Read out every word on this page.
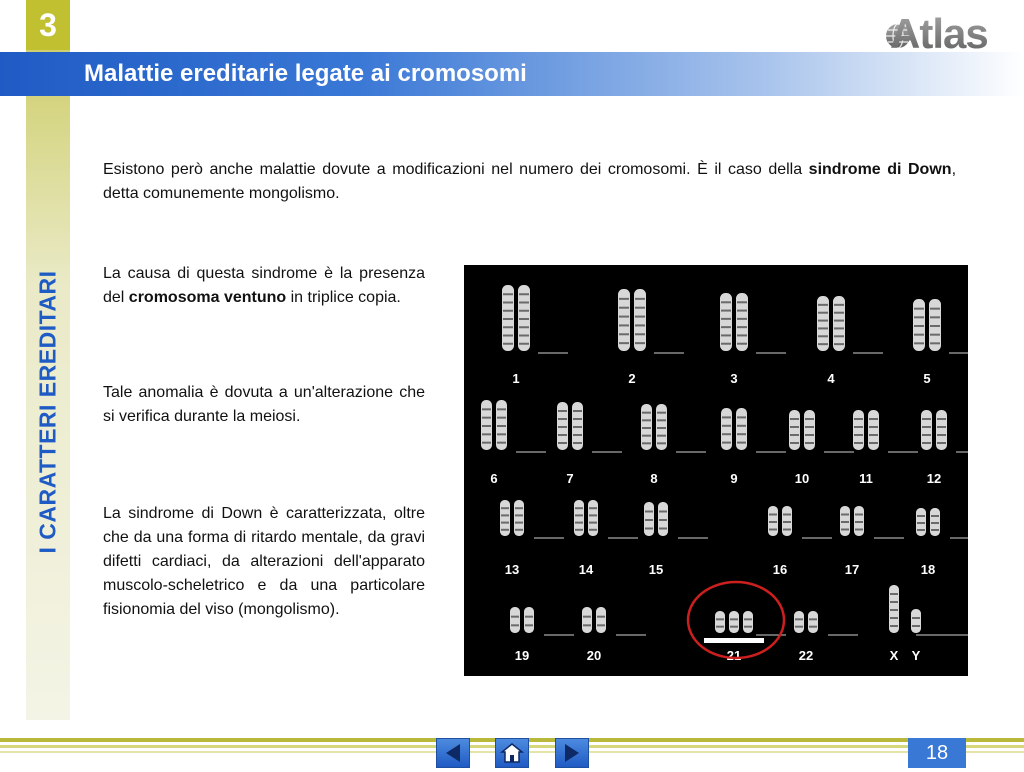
3
Malattie ereditarie legate ai cromosomi
Atlas
I CARATTERI EREDITARI
Esistono però anche malattie dovute a modificazioni nel numero dei cromosomi. È il caso della sindrome di Down, detta comunemente mongolismo.
La causa di questa sindrome è la presenza del cromosoma ventuno in triplice copia.
Tale anomalia è dovuta a un'alterazione che si verifica durante la meiosi.
La sindrome di Down è caratterizzata, oltre che da una forma di ritardo mentale, da gravi difetti cardiaci, da alterazioni dell'apparato muscolo-scheletrico e da una particolare fisionomia del viso (mongolismo).
1	2	3	4	5
6	7	8	9	10	11	12
13	14	15	16	17	18
19	20	21	22	X Y
18
